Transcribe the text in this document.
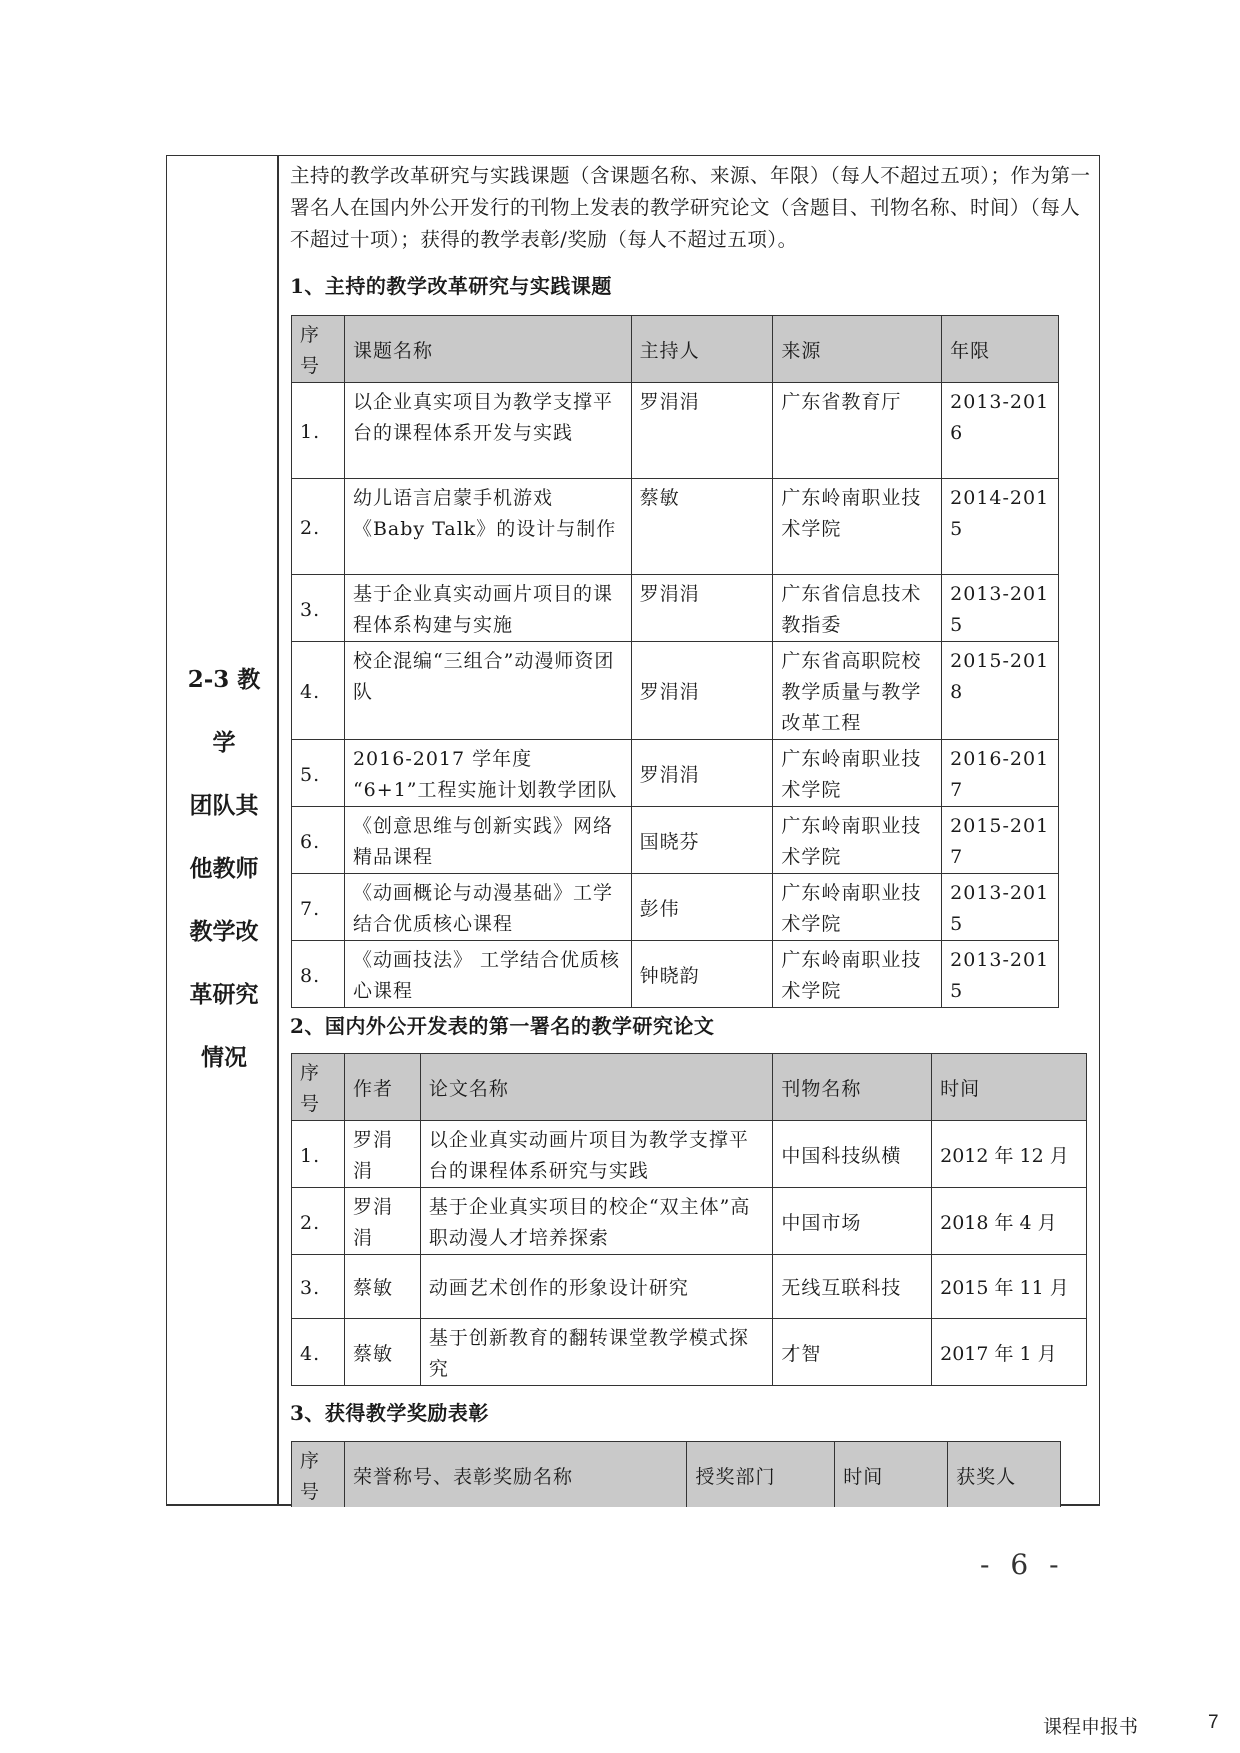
2-3 教学
团队其
他教师
教学改
革研究
情况
主持的教学改革研究与实践课题（含课题名称、来源、年限）（每人不超过五项）；作为第一署名人在国内外公开发行的刊物上发表的教学研究论文（含题目、刊物名称、时间）（每人不超过十项）；获得的教学表彰/奖励（每人不超过五项）。
1、主持的教学改革研究与实践课题
序号	课题名称	主持人	来源	年限
1.	以企业真实项目为教学支撑平台的课程体系开发与实践	罗涓涓	广东省教育厅	2013-2016
2.	幼儿语言启蒙手机游戏《Baby Talk》的设计与制作	蔡敏	广东岭南职业技术学院	2014-2015
3.	基于企业真实动画片项目的课程体系构建与实施	罗涓涓	广东省信息技术教指委	2013-2015
4.	校企混编“三组合”动漫师资团队	罗涓涓	广东省高职院校教学质量与教学改革工程	2015-2018
5.	2016-2017 学年度 “6+1”工程实施计划教学团队	罗涓涓	广东岭南职业技术学院	2016-2017
6.	《创意思维与创新实践》网络精品课程	国晓芬	广东岭南职业技术学院	2015-2017
7.	《动画概论与动漫基础》工学结合优质核心课程	彭伟	广东岭南职业技术学院	2013-2015
8.	《动画技法》 工学结合优质核心课程	钟晓韵	广东岭南职业技术学院	2013-2015
2、国内外公开发表的第一署名的教学研究论文
序号	作者	论文名称	刊物名称	时间
1.	罗涓涓	以企业真实动画片项目为教学支撑平台的课程体系研究与实践	中国科技纵横	2012 年 12 月
2.	罗涓涓	基于企业真实项目的校企“双主体”高职动漫人才培养探索	中国市场	2018 年 4 月
3.	蔡敏	动画艺术创作的形象设计研究	无线互联科技	2015 年 11 月
4.	蔡敏	基于创新教育的翻转课堂教学模式探究	才智	2017 年 1 月
3、获得教学奖励表彰
序号	荣誉称号、表彰奖励名称	授奖部门	时间	获奖人
- 6 -
课程申报书	7
